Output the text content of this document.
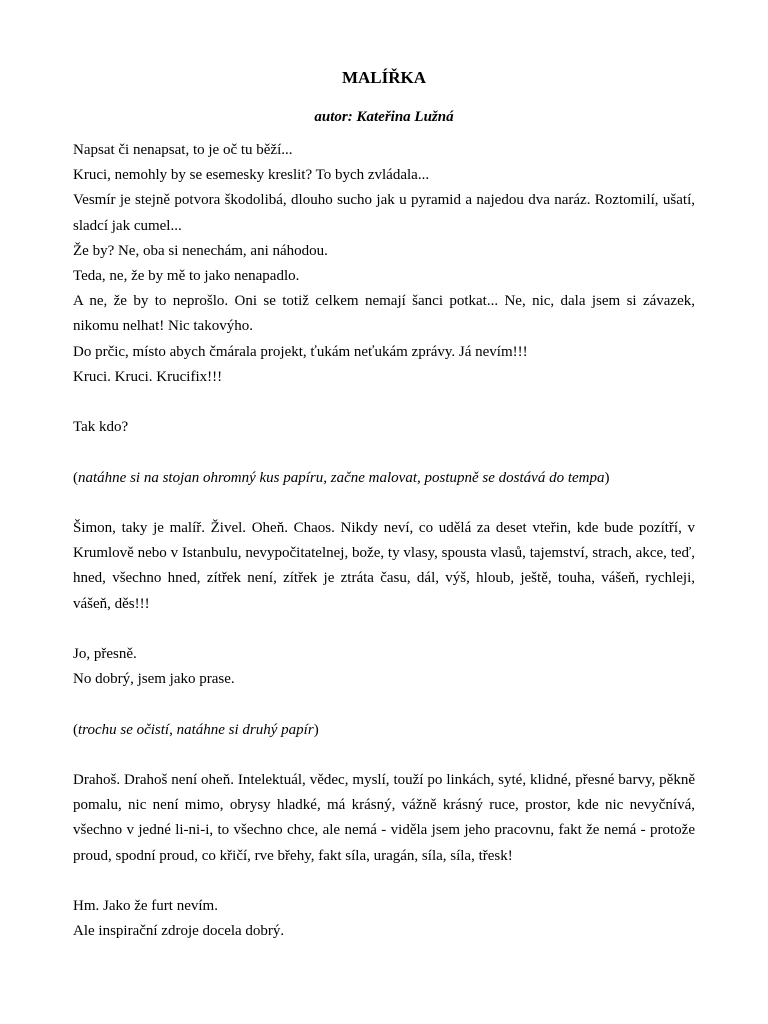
MALÍŘKA
autor: Kateřina Lužná

Napsat či nenapsat, to je oč tu běží...

Kruci, nemohly by se esemesky kreslit? To bych zvládala...

Vesmír je stejně potvora škodolibá, dlouho sucho jak u pyramid a najedou dva naráz. Roztomilí, ušatí, sladcí jak cumel...

Že by? Ne, oba si nenechám, ani náhodou.

Teda, ne, že by mě to jako nenapadlo.

A ne, že by to neprošlo. Oni se totiž celkem nemají šanci potkat... Ne, nic, dala jsem si závazek, nikomu nelhat! Nic takovýho.

Do prčic, místo abych čmárala projekt, ťukám neťukám zprávy. Já nevím!!!

Kruci. Kruci. Krucifix!!!

Tak kdo?

(natáhne si na stojan ohromný kus papíru, začne malovat, postupně se dostává do tempa)

Šimon, taky je malíř. Živel. Oheň. Chaos. Nikdy neví, co udělá za deset vteřin, kde bude pozítří, v Krumlově nebo v Istanbulu, nevypočitatelnej, bože, ty vlasy, spousta vlasů, tajemství, strach, akce, teď, hned, všechno hned, zítřek není, zítřek je ztráta času, dál, výš, hloub, ještě, touha, vášeň, rychleji, vášeň, děs!!!

Jo, přesně.

No dobrý, jsem jako prase.

(trochu se očistí, natáhne si druhý papír)

Drahoš. Drahoš není oheň. Intelektuál, vědec, myslí, touží po linkách, syté, klidné, přesné barvy, pěkně pomalu, nic není mimo, obrysy hladké, má krásný, vážně krásný ruce, prostor, kde nic nevyčnívá, všechno v jedné li-ni-i, to všechno chce, ale nemá - viděla jsem jeho pracovnu, fakt že nemá - protože proud, spodní proud, co křičí, rve břehy, fakt síla, uragán, síla, síla, třesk!

Hm. Jako že furt nevím.

Ale inspirační zdroje docela dobrý.
